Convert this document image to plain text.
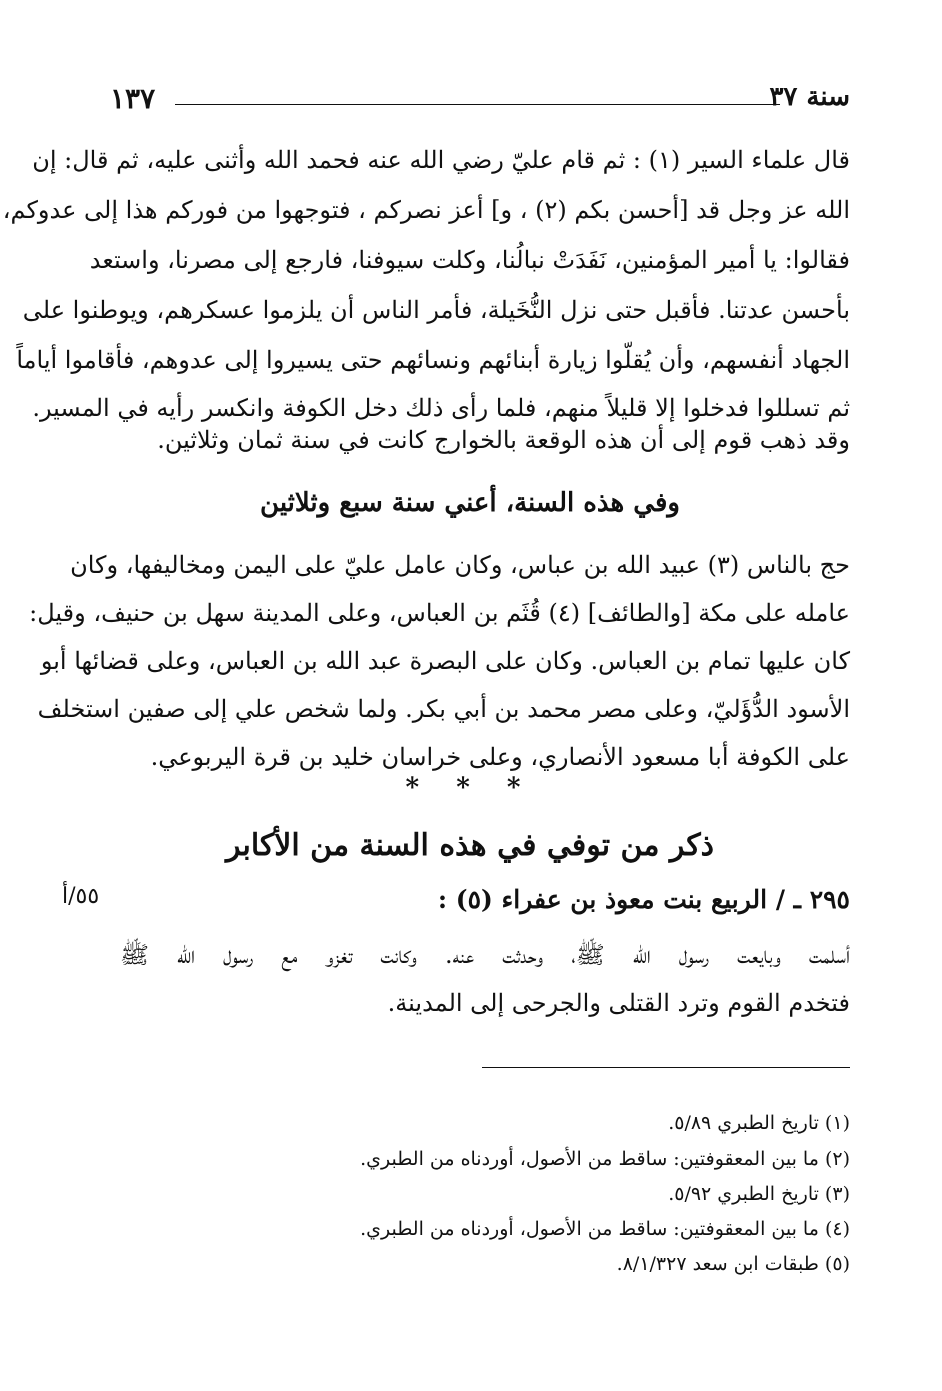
١٣٧	سنة ٣٧
قال علماء السير (١) : ثم قام عليّ رضي الله عنه فحمد الله وأثنى عليه، ثم قال: إن
الله عز وجل قد [أحسن بكم (٢) ، و] أعز نصركم ، فتوجهوا من فوركم هذا إلى عدوكم،
فقالوا: يا أمير المؤمنين، نَفَدَتْ نبالُنا، وكلت سيوفنا، فارجع إلى مصرنا، واستعد
بأحسن عدتنا. فأقبل حتى نزل النُّخَيلة، فأمر الناس أن يلزموا عسكرهم، ويوطنوا على
الجهاد أنفسهم، وأن يُقلّوا زيارة أبنائهم ونسائهم حتى يسيروا إلى عدوهم، فأقاموا أياماً
ثم تسللوا فدخلوا إلا قليلاً منهم، فلما رأى ذلك دخل الكوفة وانكسر رأيه في المسير.
وقد ذهب قوم إلى أن هذه الوقعة بالخوارج كانت في سنة ثمان وثلاثين.
وفي هذه السنة، أعني سنة سبع وثلاثين
حج بالناس (٣) عبيد الله بن عباس، وكان عامل عليّ على اليمن ومخاليفها، وكان
عامله على مكة [والطائف] (٤) قُثَم بن العباس، وعلى المدينة سهل بن حنيف، وقيل:
كان عليها تمام بن العباس. وكان على البصرة عبد الله بن العباس، وعلى قضائها أبو
الأسود الدُّؤَليّ، وعلى مصر محمد بن أبي بكر. ولما شخص علي إلى صفين استخلف
على الكوفة أبا مسعود الأنصاري، وعلى خراسان خليد بن قرة اليربوعي.
* * *
ذكر من توفي في هذه السنة من الأكابر
٢٩٥ ـ / الربيع بنت معوذ بن عفراء (٥) :
٥٥/أ
أسلمت وبايعت رسول الله ﷺ، وحدثت عنه. وكانت تغزو مع رسول الله ﷺ
فتخدم القوم وترد القتلى والجرحى إلى المدينة.
(١) تاريخ الطبري ٥/٨٩.
(٢) ما بين المعقوفتين: ساقط من الأصول، أوردناه من الطبري.
(٣) تاريخ الطبري ٥/٩٢.
(٤) ما بين المعقوفتين: ساقط من الأصول، أوردناه من الطبري.
(٥) طبقات ابن سعد ٨/١/٣٢٧.
